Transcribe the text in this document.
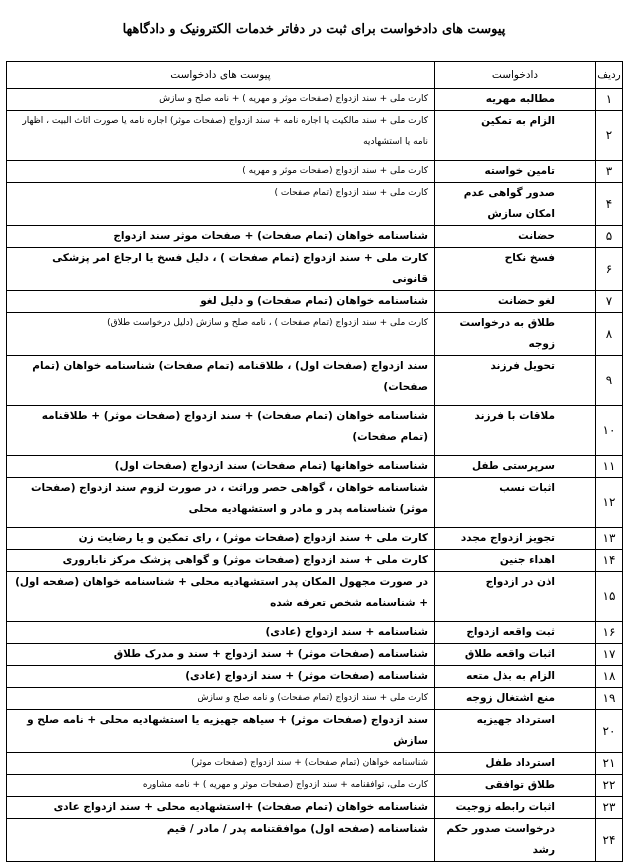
پیوست های دادخواست برای ثبت در دفاتر خدمات الکترونیک و دادگاهها
ردیف	دادخواست	پیوست های دادخواست
۱	مطالبه مهریه	کارت ملی + سند ازدواج (صفحات موثر و مهریه ) + نامه صلح و سازش
۲	الزام به تمکین	کارت ملی + سند مالکیت یا اجاره نامه + سند ازدواج (صفحات موثر) اجاره نامه یا صورت اثاث البیت ، اظهار نامه یا استشهادیه
۳	تامین خواسته	کارت ملی + سند ازدواج (صفحات موثر و مهریه )
۴	صدور گواهی عدم امکان سازش	کارت ملی + سند ازدواج (تمام صفحات )
۵	حضانت	شناسنامه خواهان (تمام صفحات) + صفحات موثر سند ازدواج
۶	فسخ نکاح	کارت ملی + سند ازدواج (تمام صفحات ) ، دلیل فسخ یا ارجاع امر پزشکی قانونی
۷	لغو حضانت	شناسنامه خواهان (تمام صفحات) و دلیل لغو
۸	طلاق به درخواست زوجه	کارت ملی + سند ازدواج (تمام صفحات ) ، نامه صلح و سازش (دلیل درخواست طلاق)
۹	تحویل فرزند	سند ازدواج (صفحات اول) ، طلاقنامه (تمام صفحات) شناسنامه خواهان (تمام صفحات)
۱۰	ملاقات با فرزند	شناسنامه خواهان (تمام صفحات) + سند ازدواج (صفحات موثر) + طلاقنامه (تمام صفحات)
۱۱	سرپرستی طفل	شناسنامه خواهانها (تمام صفحات) سند ازدواج (صفحات اول)
۱۲	اثبات نسب	شناسنامه خواهان ، گواهی حصر وراثت ، در صورت لزوم سند ازدواج (صفحات موثر) شناسنامه پدر و مادر و استشهادیه محلی
۱۳	تجویز ازدواج مجدد	کارت ملی + سند ازدواج (صفحات موثر) ، رای تمکین و یا رضایت زن
۱۴	اهداء جنین	کارت ملی + سند ازدواج (صفحات موثر) و گواهی پزشک مرکز ناباروری
۱۵	اذن در ازدواج	در صورت مجهول المکان پدر استشهادیه محلی + شناسنامه خواهان (صفحه اول) + شناسنامه شخص تعرفه شده
۱۶	ثبت واقعه ازدواج	شناسنامه + سند ازدواج (عادی)
۱۷	اثبات واقعه طلاق	شناسنامه (صفحات موثر) + سند ازدواج + سند و مدرک طلاق
۱۸	الزام به بذل متعه	شناسنامه (صفحات موثر) + سند ازدواج (عادی)
۱۹	منع اشتغال زوجه	کارت ملی + سند ازدواج (تمام صفحات) و نامه صلح و سازش
۲۰	استرداد جهیزیه	سند ازدواج (صفحات موثر) + سیاهه جهیزیه یا استشهادیه محلی + نامه صلح و سازش
۲۱	استرداد طفل	شناسنامه خواهان (تمام صفحات) + سند ازدواج (صفحات موثر)
۲۲	طلاق توافقی	کارت ملی، توافقنامه + سند ازدواج (صفحات موثر و مهریه ) + نامه مشاوره
۲۳	اثبات رابطه زوجیت	شناسنامه خواهان (تمام صفحات) +استشهادیه محلی + سند ازدواج عادی
۲۴	درخواست صدور حکم رشد	شناسنامه (صفحه اول) موافقتنامه پدر / مادر / قیم
